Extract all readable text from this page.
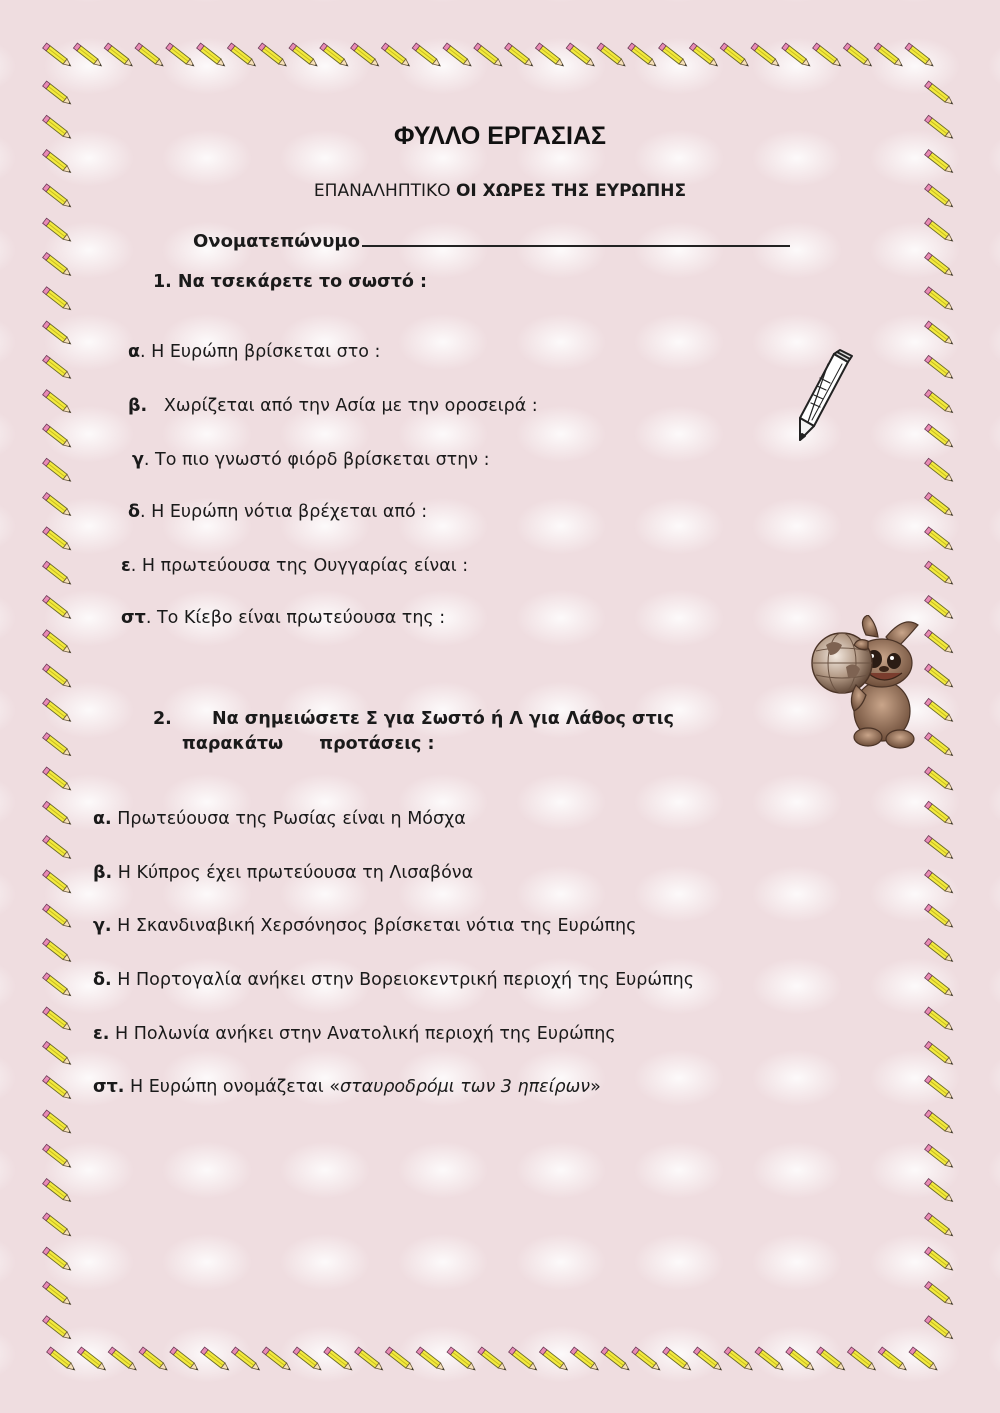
ΦΥΛΛΟ ΕΡΓΑΣΙΑΣ
ΕΠΑΝΑΛΗΠΤΙΚΟ ΟΙ ΧΩΡΕΣ ΤΗΣ ΕΥΡΩΠΗΣ
Ονοματεπώνυμο
1. Να τσεκάρετε το σωστό :
α. Η Ευρώπη βρίσκεται στο :
β. Χωρίζεται από την Ασία με την οροσειρά :
γ. Το πιο γνωστό φιόρδ βρίσκεται στην :
δ. Η Ευρώπη νότια βρέχεται από :
ε. Η πρωτεύουσα της Ουγγαρίας είναι :
στ. Το Κίεβο είναι πρωτεύουσα της :
2. Να σημειώσετε Σ για Σωστό ή Λ για Λάθος στις
παρακάτω προτάσεις :
α. Πρωτεύουσα της Ρωσίας είναι η Μόσχα
β. Η Κύπρος έχει πρωτεύουσα τη Λισαβόνα
γ. Η Σκανδιναβική Χερσόνησος βρίσκεται νότια της Ευρώπης
δ. Η Πορτογαλία ανήκει στην Βορειοκεντρική περιοχή της Ευρώπης
ε. Η Πολωνία ανήκει στην Ανατολική περιοχή της Ευρώπης
στ. Η Ευρώπη ονομάζεται «σταυροδρόμι των 3 ηπείρων»
